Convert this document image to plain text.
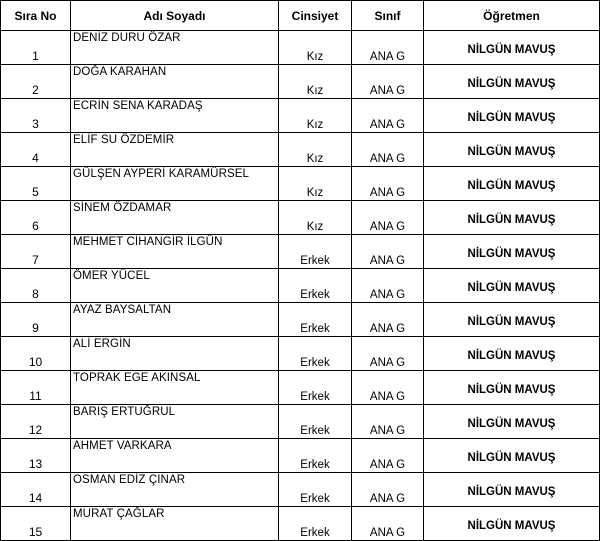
Sıra No	Adı Soyadı	Cinsiyet	Sınıf	Öğretmen
1	DENİZ DURU ÖZAR	Kız	ANA G	NİLGÜN MAVUŞ
2	DOĞA KARAHAN	Kız	ANA G	NİLGÜN MAVUŞ
3	ECRİN SENA KARADAŞ	Kız	ANA G	NİLGÜN MAVUŞ
4	ELİF SU ÖZDEMİR	Kız	ANA G	NİLGÜN MAVUŞ
5	GÜLŞEN AYPERİ KARAMÜRSEL	Kız	ANA G	NİLGÜN MAVUŞ
6	SİNEM ÖZDAMAR	Kız	ANA G	NİLGÜN MAVUŞ
7	MEHMET CİHANGİR İLGÜN	Erkek	ANA G	NİLGÜN MAVUŞ
8	ÖMER YÜCEL	Erkek	ANA G	NİLGÜN MAVUŞ
9	AYAZ BAYSALTAN	Erkek	ANA G	NİLGÜN MAVUŞ
10	ALİ ERGİN	Erkek	ANA G	NİLGÜN MAVUŞ
11	TOPRAK EGE AKINSAL	Erkek	ANA G	NİLGÜN MAVUŞ
12	BARIŞ ERTUĞRUL	Erkek	ANA G	NİLGÜN MAVUŞ
13	AHMET VARKARA	Erkek	ANA G	NİLGÜN MAVUŞ
14	OSMAN EDİZ ÇINAR	Erkek	ANA G	NİLGÜN MAVUŞ
15	MURAT ÇAĞLAR	Erkek	ANA G	NİLGÜN MAVUŞ
